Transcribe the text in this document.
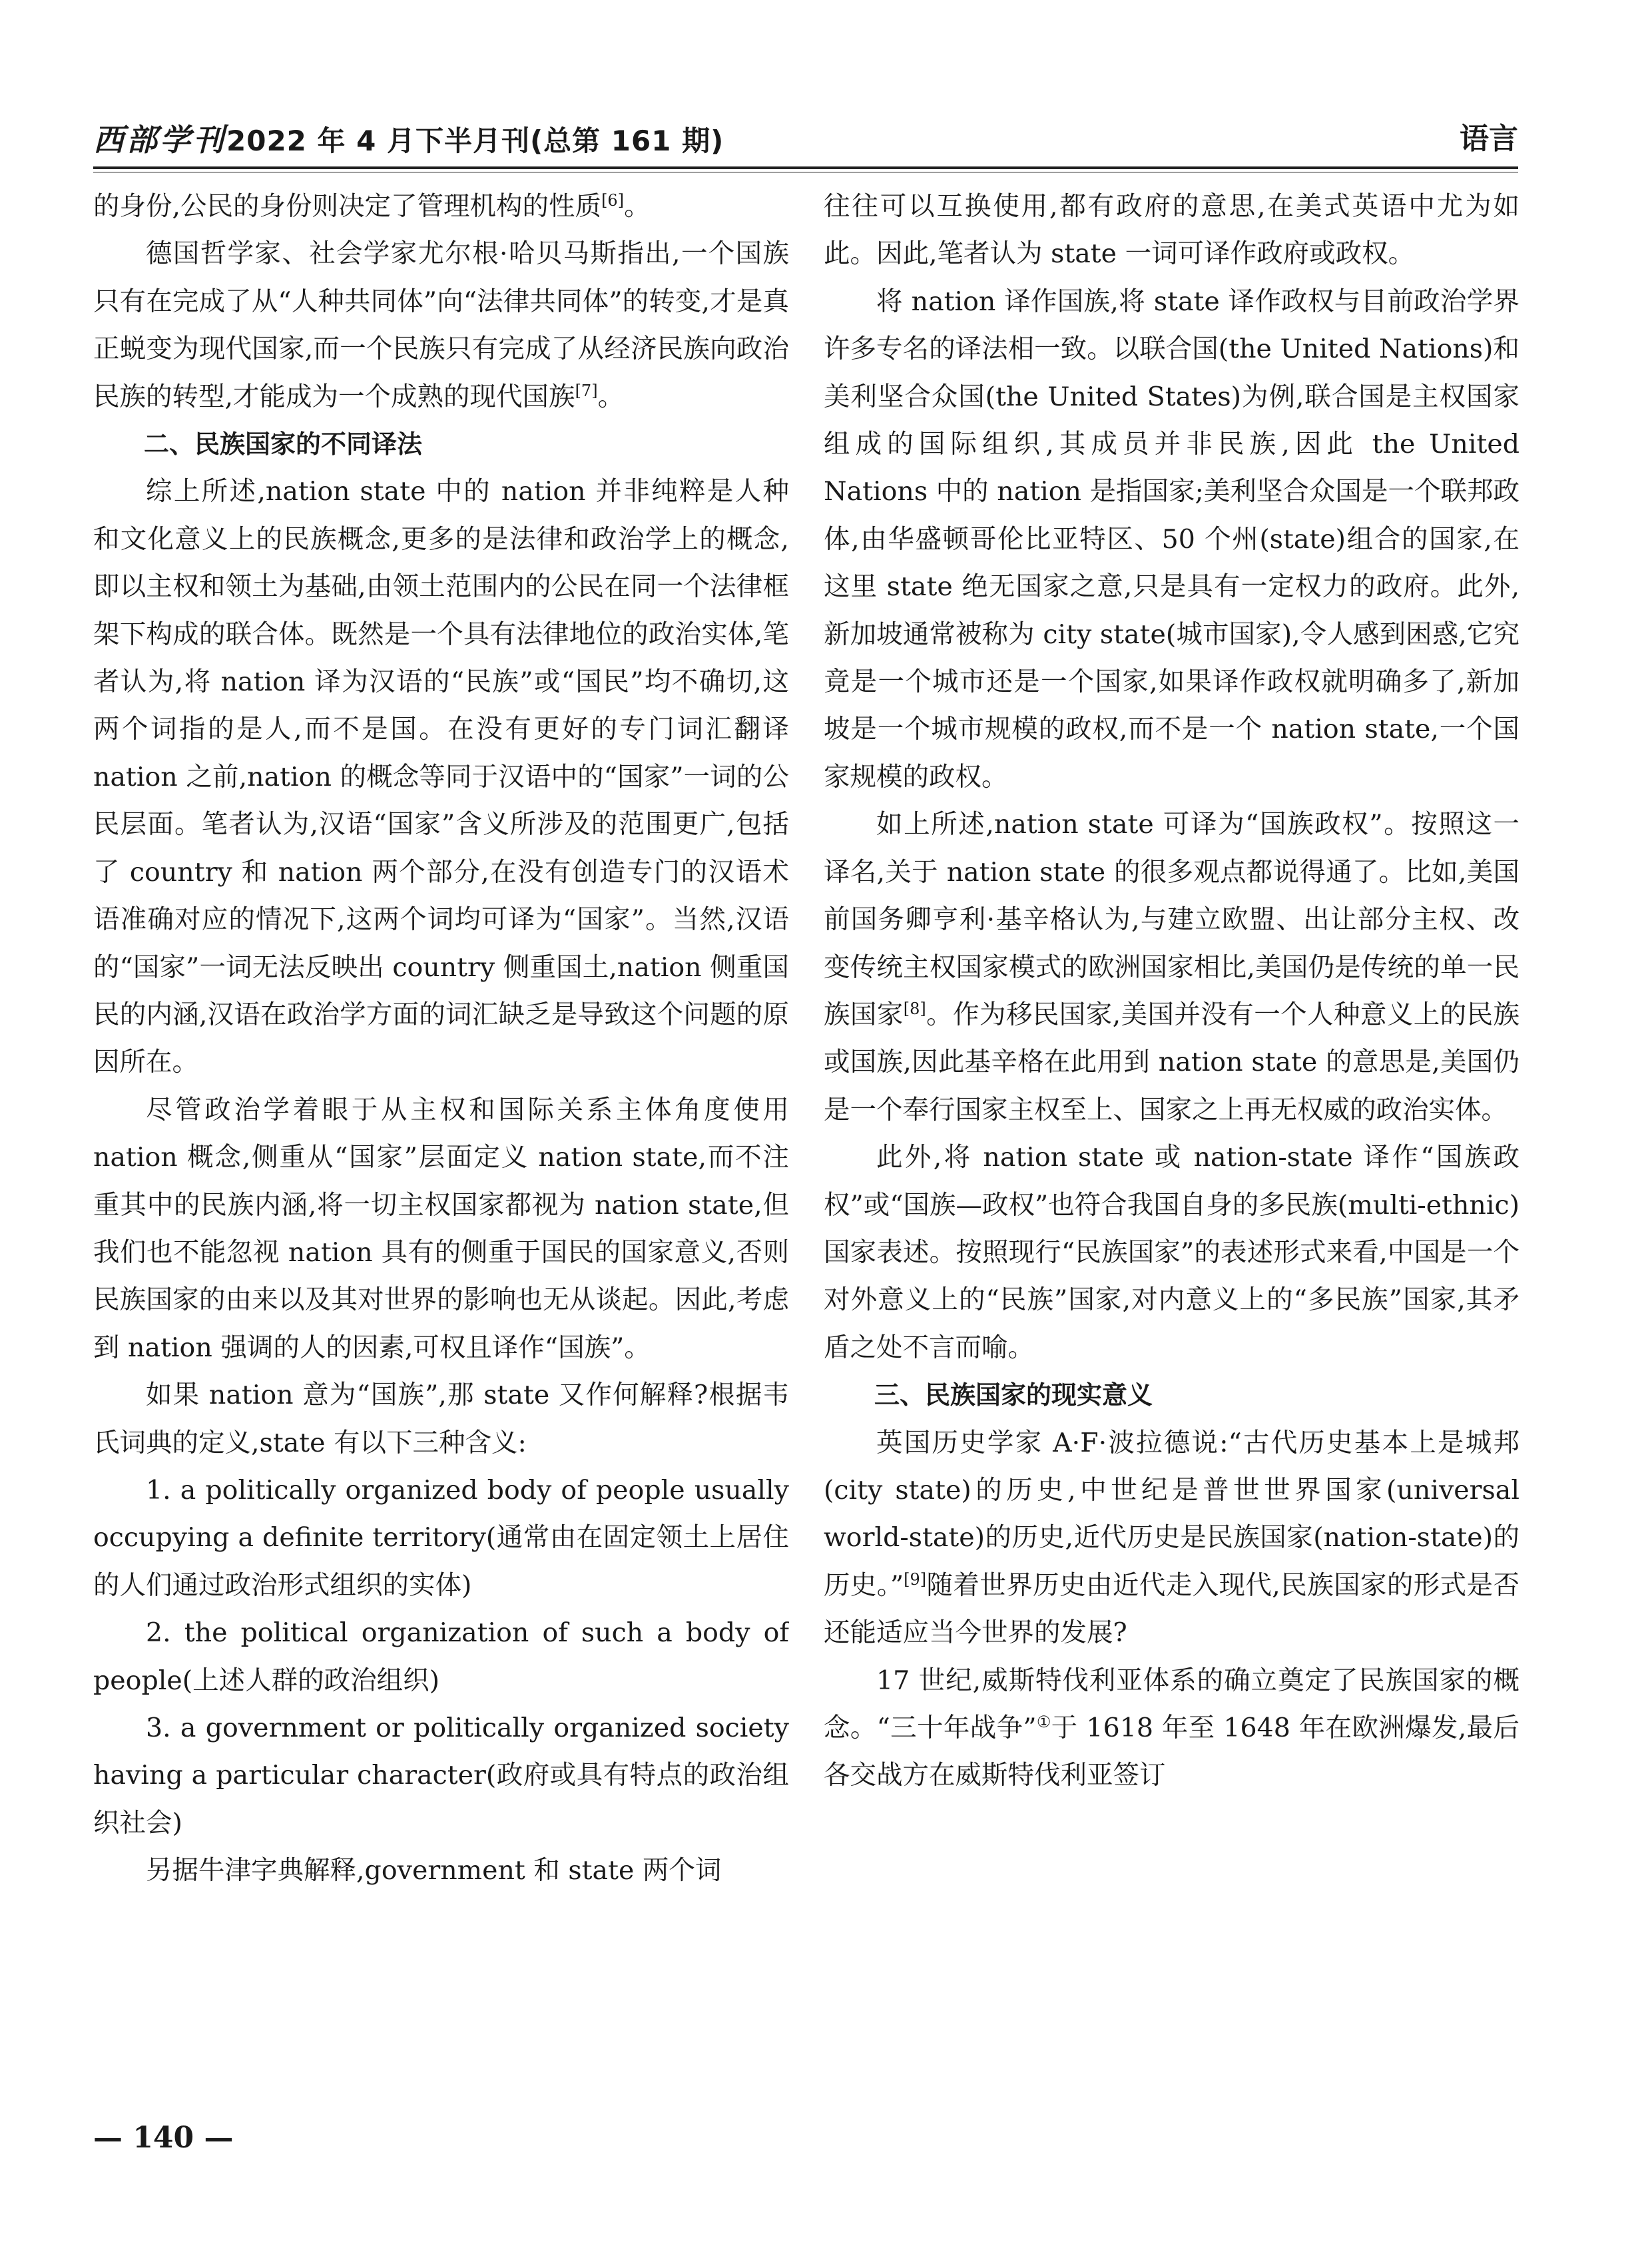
西部学刊2022 年 4 月下半月刊(总第 161 期)	语言

的身份,公民的身份则决定了管理机构的性质[6]。

德国哲学家、社会学家尤尔根·哈贝马斯指出,一个国族只有在完成了从“人种共同体”向“法律共同体”的转变,才是真正蜕变为现代国家,而一个民族只有完成了从经济民族向政治民族的转型,才能成为一个成熟的现代国族[7]。

二、民族国家的不同译法

综上所述,nation state 中的 nation 并非纯粹是人种和文化意义上的民族概念,更多的是法律和政治学上的概念,即以主权和领土为基础,由领土范围内的公民在同一个法律框架下构成的联合体。既然是一个具有法律地位的政治实体,笔者认为,将 nation 译为汉语的“民族”或“国民”均不确切,这两个词指的是人,而不是国。在没有更好的专门词汇翻译 nation 之前,nation 的概念等同于汉语中的“国家”一词的公民层面。笔者认为,汉语“国家”含义所涉及的范围更广,包括了 country 和 nation 两个部分,在没有创造专门的汉语术语准确对应的情况下,这两个词均可译为“国家”。当然,汉语的“国家”一词无法反映出 country 侧重国土,nation 侧重国民的内涵,汉语在政治学方面的词汇缺乏是导致这个问题的原因所在。

尽管政治学着眼于从主权和国际关系主体角度使用 nation 概念,侧重从“国家”层面定义 nation state,而不注重其中的民族内涵,将一切主权国家都视为 nation state,但我们也不能忽视 nation 具有的侧重于国民的国家意义,否则民族国家的由来以及其对世界的影响也无从谈起。因此,考虑到 nation 强调的人的因素,可权且译作“国族”。

如果 nation 意为“国族”,那 state 又作何解释?根据韦氏词典的定义,state 有以下三种含义:

1. a politically organized body of people usually occupying a definite territory(通常由在固定领土上居住的人们通过政治形式组织的实体)

2. the political organization of such a body of people(上述人群的政治组织)

3. a government or politically organized society having a particular character(政府或具有特点的政治组织社会)

另据牛津字典解释,government 和 state 两个词

往往可以互换使用,都有政府的意思,在美式英语中尤为如此。因此,笔者认为 state 一词可译作政府或政权。

将 nation 译作国族,将 state 译作政权与目前政治学界许多专名的译法相一致。以联合国(the United Nations)和美利坚合众国(the United States)为例,联合国是主权国家组成的国际组织,其成员并非民族,因此 the United Nations 中的 nation 是指国家;美利坚合众国是一个联邦政体,由华盛顿哥伦比亚特区、50 个州(state)组合的国家,在这里 state 绝无国家之意,只是具有一定权力的政府。此外,新加坡通常被称为 city state(城市国家),令人感到困惑,它究竟是一个城市还是一个国家,如果译作政权就明确多了,新加坡是一个城市规模的政权,而不是一个 nation state,一个国家规模的政权。

如上所述,nation state 可译为“国族政权”。按照这一译名,关于 nation state 的很多观点都说得通了。比如,美国前国务卿亨利·基辛格认为,与建立欧盟、出让部分主权、改变传统主权国家模式的欧洲国家相比,美国仍是传统的单一民族国家[8]。作为移民国家,美国并没有一个人种意义上的民族或国族,因此基辛格在此用到 nation state 的意思是,美国仍是一个奉行国家主权至上、国家之上再无权威的政治实体。

此外,将 nation state 或 nation-state 译作“国族政权”或“国族—政权”也符合我国自身的多民族(multi-ethnic)国家表述。按照现行“民族国家”的表述形式来看,中国是一个对外意义上的“民族”国家,对内意义上的“多民族”国家,其矛盾之处不言而喻。

三、民族国家的现实意义

英国历史学家 A·F·波拉德说:“古代历史基本上是城邦(city state)的历史,中世纪是普世世界国家(universal world-state)的历史,近代历史是民族国家(nation-state)的历史。”[9]随着世界历史由近代走入现代,民族国家的形式是否还能适应当今世界的发展?

17 世纪,威斯特伐利亚体系的确立奠定了民族国家的概念。“三十年战争”①于 1618 年至 1648 年在欧洲爆发,最后各交战方在威斯特伐利亚签订

— 140 —
